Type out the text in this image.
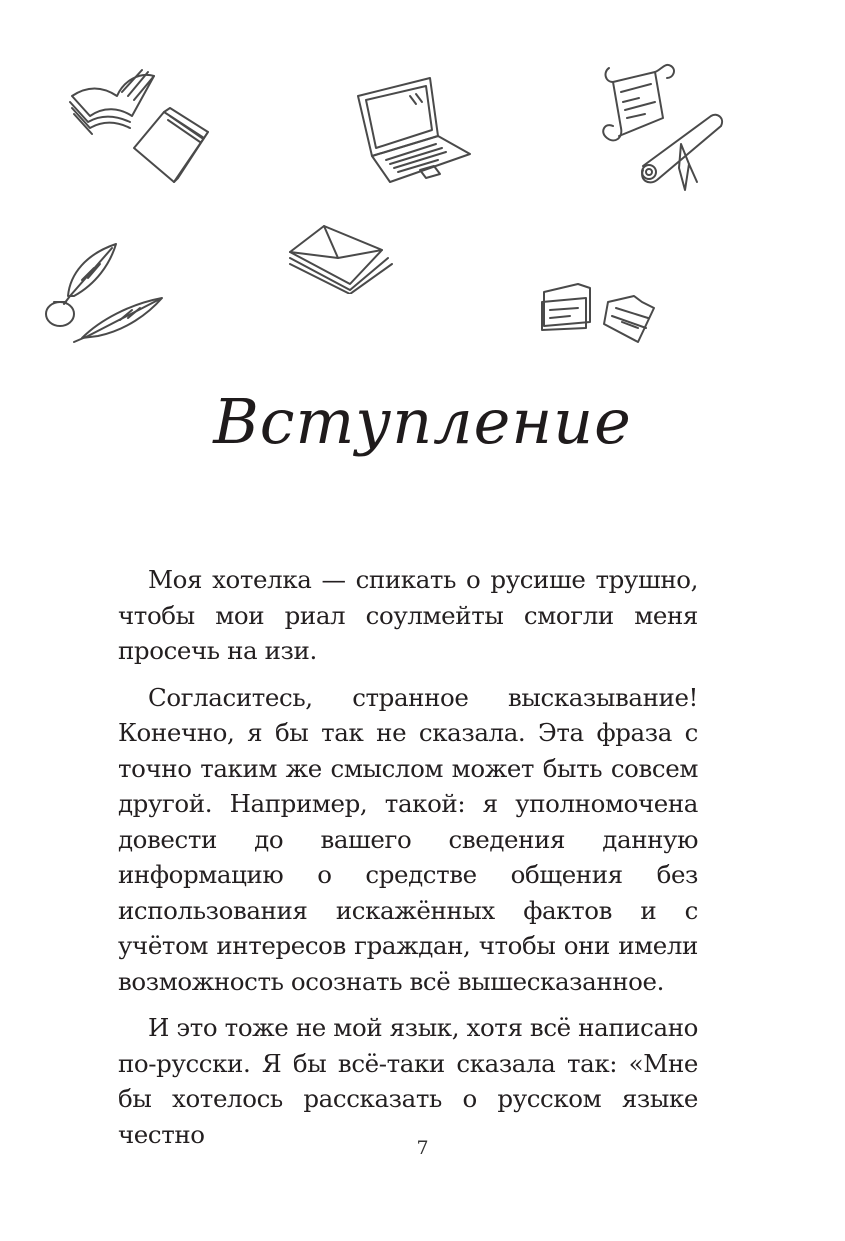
Вступление

Моя хотелка — спикать о русише трушно, чтобы мои риал соулмейты смогли меня просечь на изи.

Согласитесь, странное высказывание! Конечно, я бы так не сказала. Эта фраза с точно таким же смыслом может быть совсем другой. Например, такой: я уполномочена довести до вашего сведения данную информацию о средстве общения без использования искажённых фактов и с учётом интересов граждан, чтобы они имели возможность осознать всё вышесказанное.

И это тоже не мой язык, хотя всё написано по-русски. Я бы всё-таки сказала так: «Мне бы хотелось рассказать о русском языке честно	7
